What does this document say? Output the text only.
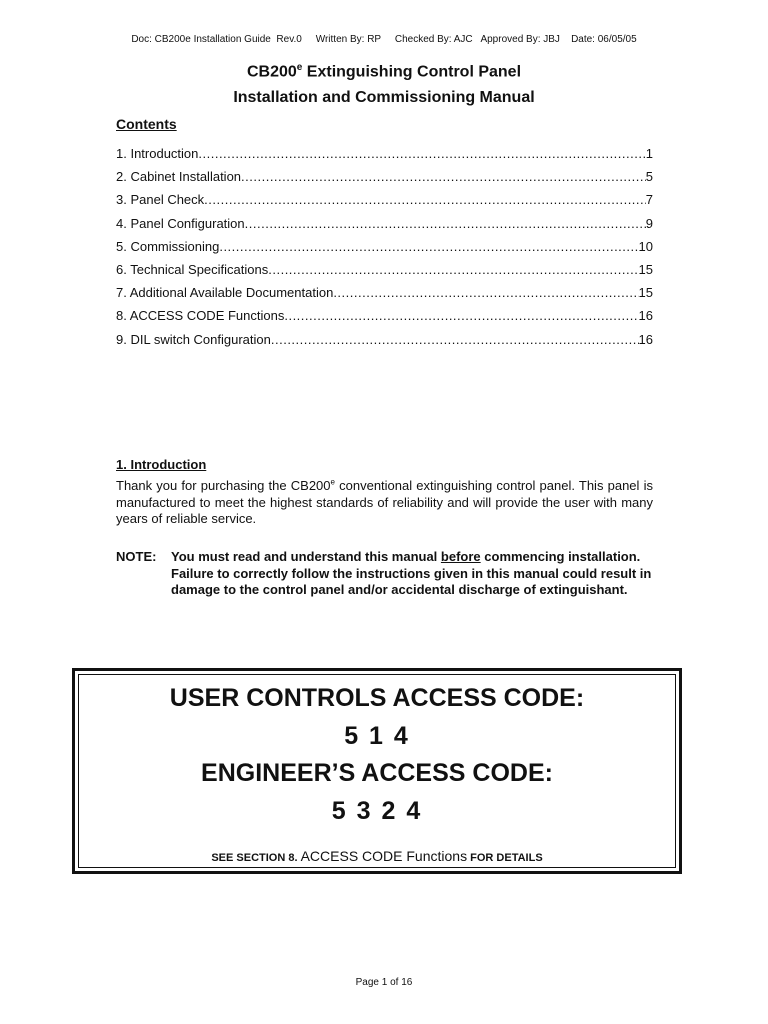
Doc: CB200e Installation Guide Rev.0 Written By: RP Checked By: AJC Approved By: JBJ Date: 06/05/05
CB200e Extinguishing Control Panel
Installation and Commissioning Manual
Contents
1. Introduction .....	1
2. Cabinet Installation .....	5
3. Panel Check .....	7
4. Panel Configuration .....	9
5. Commissioning .....	10
6. Technical Specifications .....	15
7. Additional Available Documentation .....	15
8. ACCESS CODE Functions .....	16
9. DIL switch Configuration .....	16
1. Introduction
Thank you for purchasing the CB200e conventional extinguishing control panel. This panel is manufactured to meet the highest standards of reliability and will provide the user with many years of reliable service.
NOTE: You must read and understand this manual before commencing installation. Failure to correctly follow the instructions given in this manual could result in damage to the control panel and/or accidental discharge of extinguishant.
USER CONTROLS ACCESS CODE:
5 1 4
ENGINEER’S ACCESS CODE:
5 3 2 4
SEE SECTION 8. ACCESS CODE Functions FOR DETAILS
Page 1 of 16
